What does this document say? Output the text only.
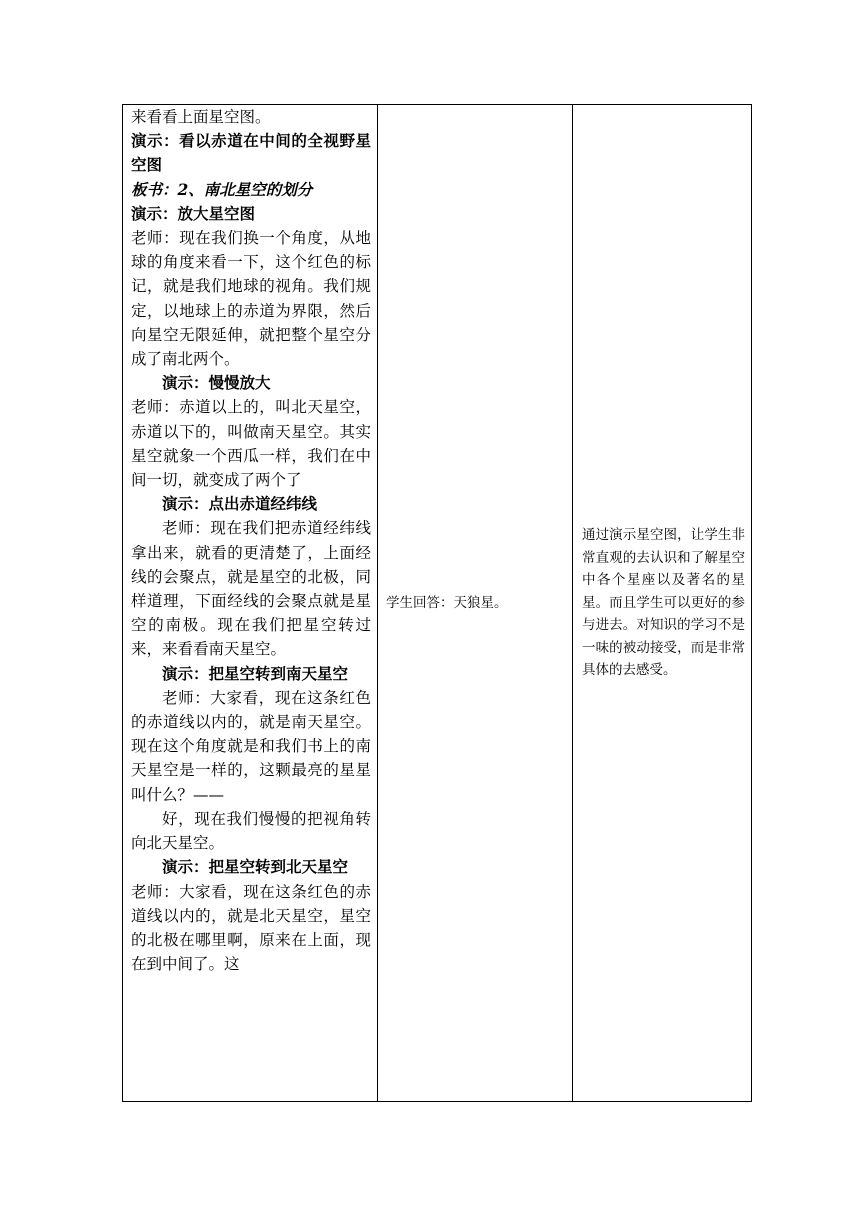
来看看上面星空图。
演示：看以赤道在中间的全视野星空图
板书：2、南北星空的划分
演示：放大星空图
老师：现在我们换一个角度，从地球的角度来看一下，这个红色的标记，就是我们地球的视角。我们规定，以地球上的赤道为界限，然后向星空无限延伸，就把整个星空分成了南北两个。
演示：慢慢放大
老师：赤道以上的，叫北天星空，赤道以下的，叫做南天星空。其实星空就象一个西瓜一样，我们在中间一切，就变成了两个了
演示：点出赤道经纬线
老师：现在我们把赤道经纬线拿出来，就看的更清楚了，上面经线的会聚点，就是星空的北极，同样道理，下面经线的会聚点就是星空的南极。现在我们把星空转过来，来看看南天星空。
演示：把星空转到南天星空
老师：大家看，现在这条红色的赤道线以内的，就是南天星空。现在这个角度就是和我们书上的南天星空是一样的，这颗最亮的星星叫什么？——
好，现在我们慢慢的把视角转向北天星空。
演示：把星空转到北天星空
老师：大家看，现在这条红色的赤道线以内的，就是北天星空，星空的北极在哪里啊，原来在上面，现在到中间了。这

学生回答：天狼星。

通过演示星空图，让学生非常直观的去认识和了解星空中各个星座以及著名的星星。而且学生可以更好的参与进去。对知识的学习不是一味的被动接受，而是非常具体的去感受。
